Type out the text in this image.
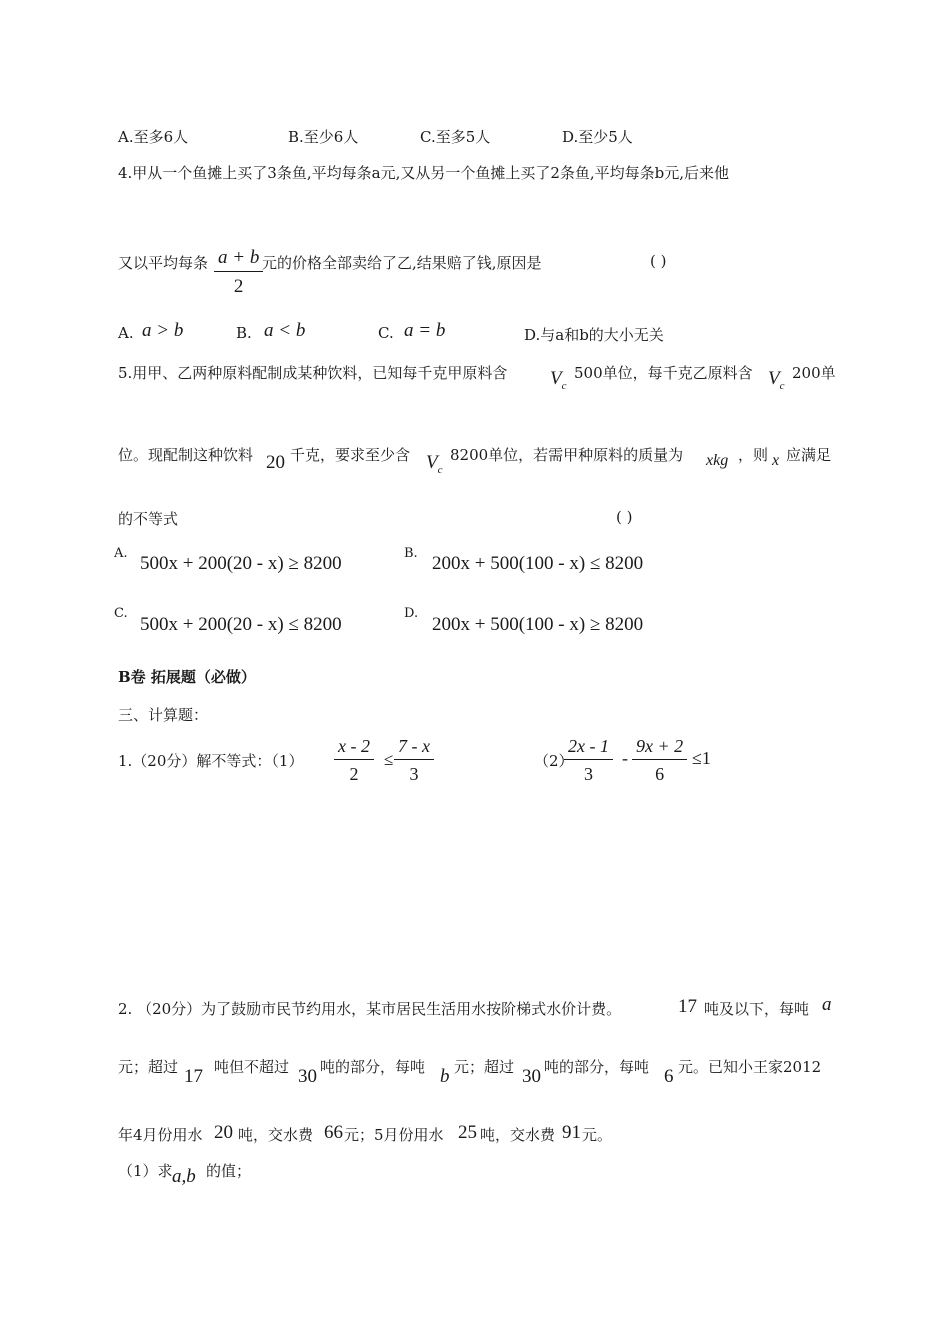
A.至多6人	B.至少6人	C.至多5人	D.至少5人
4.甲从一个鱼摊上买了3条鱼,平均每条a元,又从另一个鱼摊上买了2条鱼,平均每条b元,后来他
又以平均每条 $\frac{a + b}{2}$
元的价格全部卖给了乙,结果赔了钱,原因是	( )
A. a > b	B. a < b	C. a = b	D.与a和b的大小无关
5.用甲、乙两种原料配制成某种饮料，已知每千克甲原料含 $V_c$
500单位，每千克乙原料含 $V_c$
200单
位。现配制这种饮料 20 千克，要求至少含 $V_c$
8200单位，若需甲种原料的质量为 xkg ，则 x 应满足
的不等式	( )
A. 500x + 200(20 - x) ≥ 8200	B. 200x + 500(100 - x) ≤ 8200
C.
500x + 200(20 - x) ≤ 8200
D.
200x + 500(100 - x) ≥ 8200
B卷 拓展题（必做）
三、计算题：
1.（20分）解不等式：$(1) \frac{x - 2}{2} \le \frac{7 - x}{3}$	（2）
$\frac{2x - 1}{3} - \frac{9x + 2}{6} \le 1$
2. （20分）为了鼓励市民节约用水，某市居民生活用水按阶梯式水价计费。	17 吨及以下，每吨 a
元；超过 17 吨但不超过 30 吨的部分，每吨 b 元；超过 30 吨的部分，每吨 6 元。已知小王家2012
年4月份用水 20 吨，交水费 66 元；5月份用水 25 吨，交水费 91 元。
（1）求 a,b 的值；
